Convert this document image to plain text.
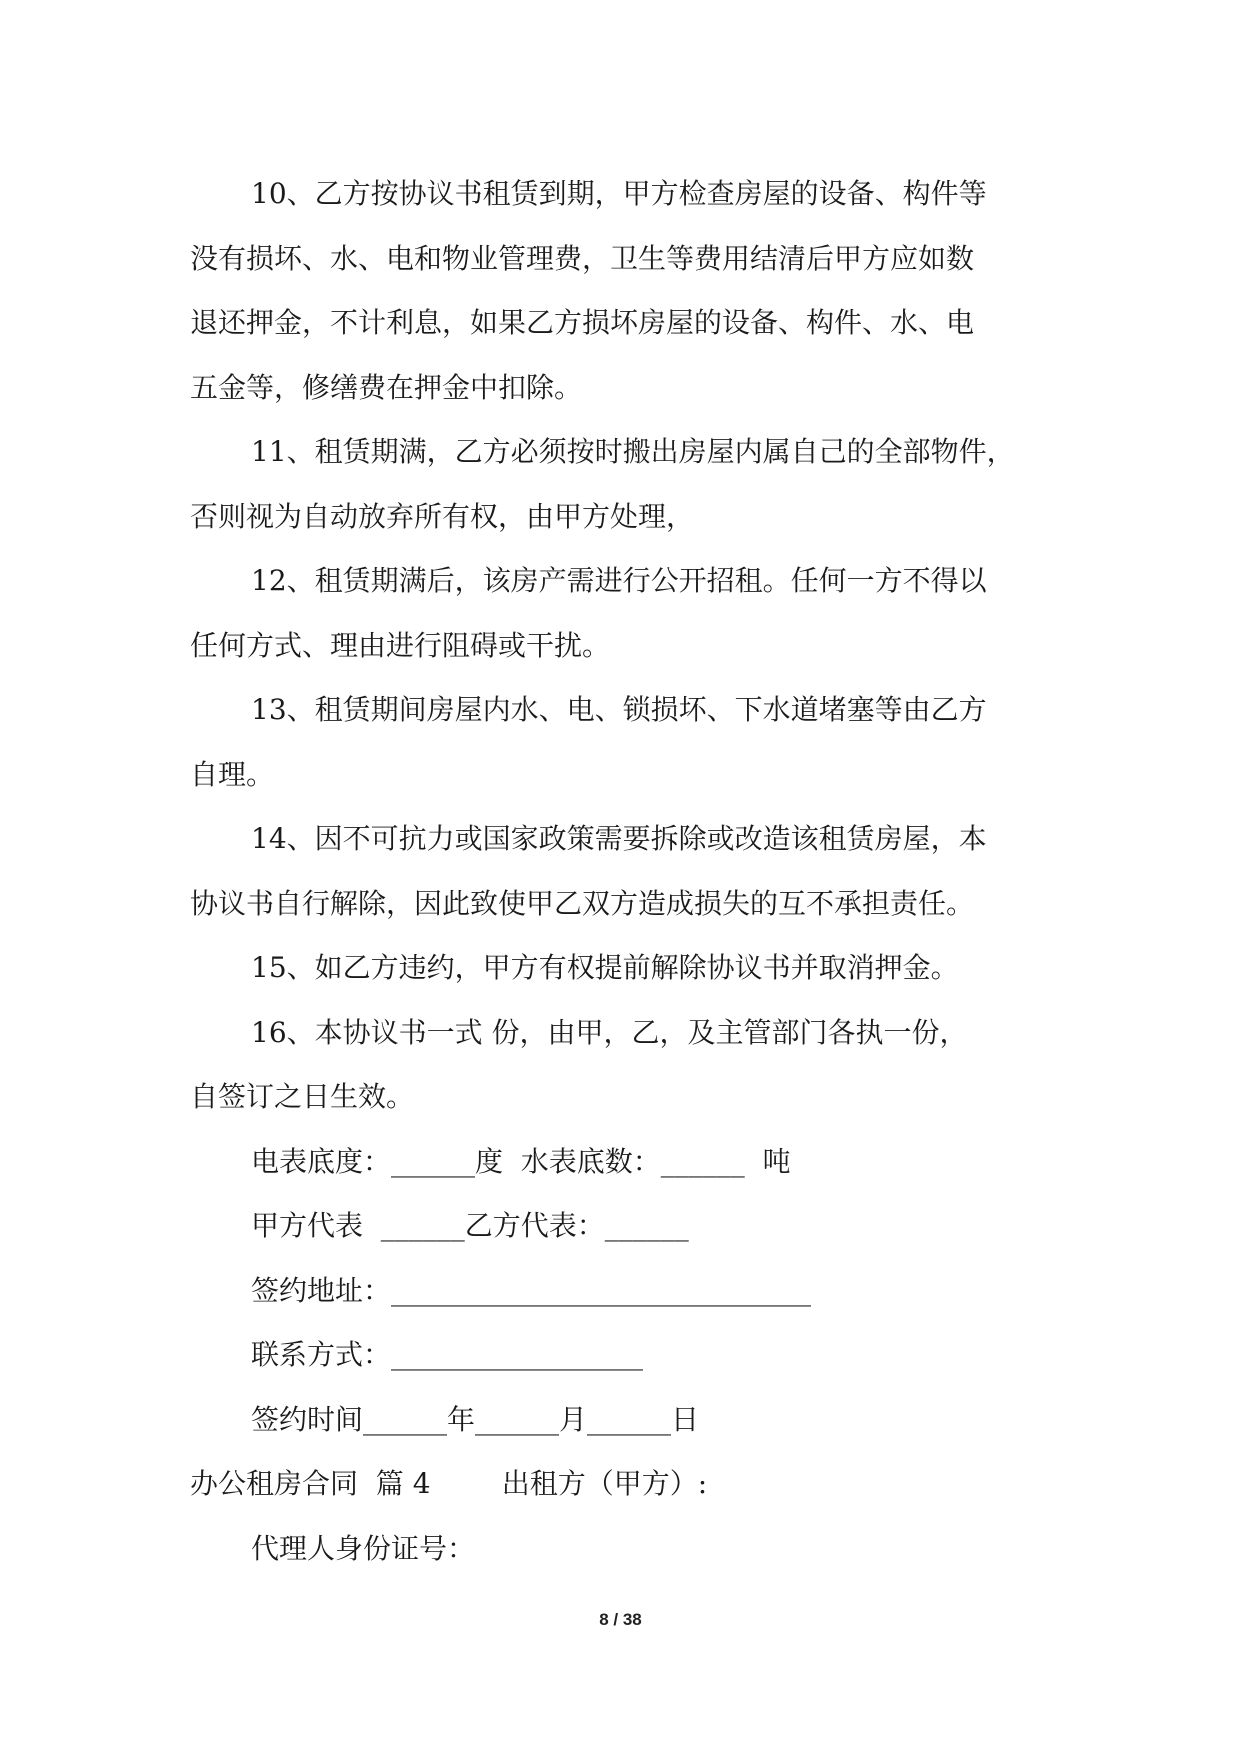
10、乙方按协议书租赁到期，甲方检查房屋的设备、构件等
没有损坏、水、电和物业管理费，卫生等费用结清后甲方应如数
退还押金，不计利息，如果乙方损坏房屋的设备、构件、水、电
五金等，修缮费在押金中扣除。
11、租赁期满，乙方必须按时搬出房屋内属自己的全部物件，
否则视为自动放弃所有权，由甲方处理，
12、租赁期满后，该房产需进行公开招租。任何一方不得以
任何方式、理由进行阻碍或干扰。
13、租赁期间房屋内水、电、锁损坏、下水道堵塞等由乙方
自理。
14、因不可抗力或国家政策需要拆除或改造该租赁房屋，本
协议书自行解除，因此致使甲乙双方造成损失的互不承担责任。
15、如乙方违约，甲方有权提前解除协议书并取消押金。
16、本协议书一式 份，由甲，乙，及主管部门各执一份，
自签订之日生效。
电表底度：______度  水表底数：______  吨
甲方代表  ______乙方代表：______
签约地址：______________________________
联系方式：__________________
签约时间______年______月______日
办公租房合同  篇 4        出租方（甲方）:
代理人身份证号：
8 / 38
